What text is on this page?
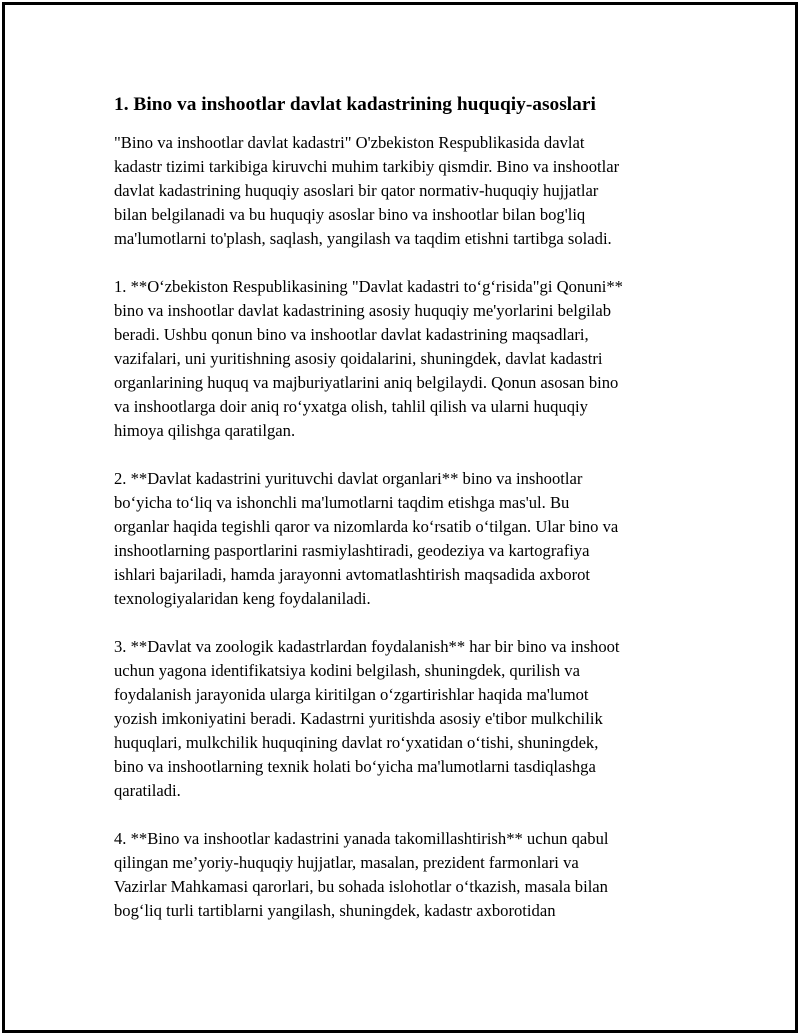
1. Bino va inshootlar davlat kadastrining huquqiy-asoslari
"Bino va inshootlar davlat kadastri" O'zbekiston Respublikasida davlat
kadastr tizimi tarkibiga kiruvchi muhim tarkibiy qismdir. Bino va inshootlar
davlat kadastrining huquqiy asoslari bir qator normativ-huquqiy hujjatlar
bilan belgilanadi va bu huquqiy asoslar bino va inshootlar bilan bog'liq
ma'lumotlarni to'plash, saqlash, yangilash va taqdim etishni tartibga soladi.
1. **O‘zbekiston Respublikasining "Davlat kadastri to‘g‘risida"gi Qonuni**
bino va inshootlar davlat kadastrining asosiy huquqiy me'yorlarini belgilab
beradi. Ushbu qonun bino va inshootlar davlat kadastrining maqsadlari,
vazifalari, uni yuritishning asosiy qoidalarini, shuningdek, davlat kadastri
organlarining huquq va majburiyatlarini aniq belgilaydi. Qonun asosan bino
va inshootlarga doir aniq ro‘yxatga olish, tahlil qilish va ularni huquqiy
himoya qilishga qaratilgan.
2. **Davlat kadastrini yurituvchi davlat organlari** bino va inshootlar
bo‘yicha to‘liq va ishonchli ma'lumotlarni taqdim etishga mas'ul. Bu
organlar haqida tegishli qaror va nizomlarda ko‘rsatib o‘tilgan. Ular bino va
inshootlarning pasportlarini rasmiylashtiradi, geodeziya va kartografiya
ishlari bajariladi, hamda jarayonni avtomatlashtirish maqsadida axborot
texnologiyalaridan keng foydalaniladi.
3. **Davlat va zoologik kadastrlardan foydalanish** har bir bino va inshoot
uchun yagona identifikatsiya kodini belgilash, shuningdek, qurilish va
foydalanish jarayonida ularga kiritilgan o‘zgartirishlar haqida ma'lumot
yozish imkoniyatini beradi. Kadastrni yuritishda asosiy e'tibor mulkchilik
huquqlari, mulkchilik huquqining davlat ro‘yxatidan o‘tishi, shuningdek,
bino va inshootlarning texnik holati bo‘yicha ma'lumotlarni tasdiqlashga
qaratiladi.
4. **Bino va inshootlar kadastrini yanada takomillashtirish** uchun qabul
qilingan me’yoriy-huquqiy hujjatlar, masalan, prezident farmonlari va
Vazirlar Mahkamasi qarorlari, bu sohada islohotlar o‘tkazish, masala bilan
bog‘liq turli tartiblarni yangilash, shuningdek, kadastr axborotidan
